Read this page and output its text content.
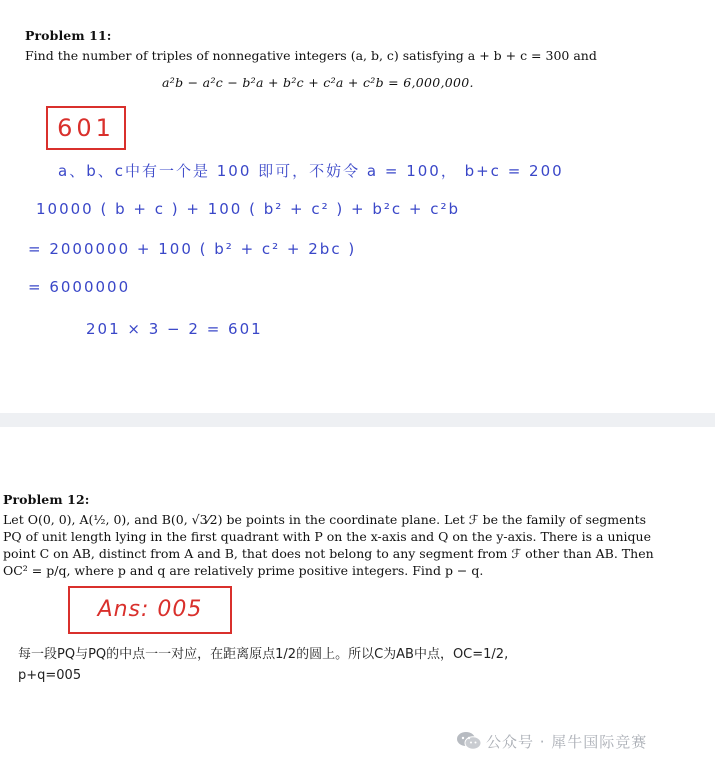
Problem 11:
Find the number of triples of nonnegative integers (a, b, c) satisfying a + b + c = 300 and
a²b − a²c − b²a + b²c + c²a + c²b = 6,000,000.
601
a、b、c中有一个是 100 即可，不妨令 a = 100， b+c = 200
10000 ( b + c ) + 100 ( b² + c² ) + b²c + c²b
= 2000000 + 100 ( b² + c² + 2bc )
= 6000000
201 × 3 − 2 = 601
Problem 12:
Let O(0, 0), A(½, 0), and B(0, √3⁄2) be points in the coordinate plane. Let ℱ be the family of segments
PQ of unit length lying in the first quadrant with P on the x-axis and Q on the y-axis. There is a unique
point C on AB, distinct from A and B, that does not belong to any segment from ℱ other than AB. Then
OC² = p/q, where p and q are relatively prime positive integers. Find p − q.
Ans: 005
每一段PQ与PQ的中点一一对应，在距离原点1/2的圆上。所以C为AB中点，OC=1/2,
p+q=005
公众号 · 犀牛国际竞赛
